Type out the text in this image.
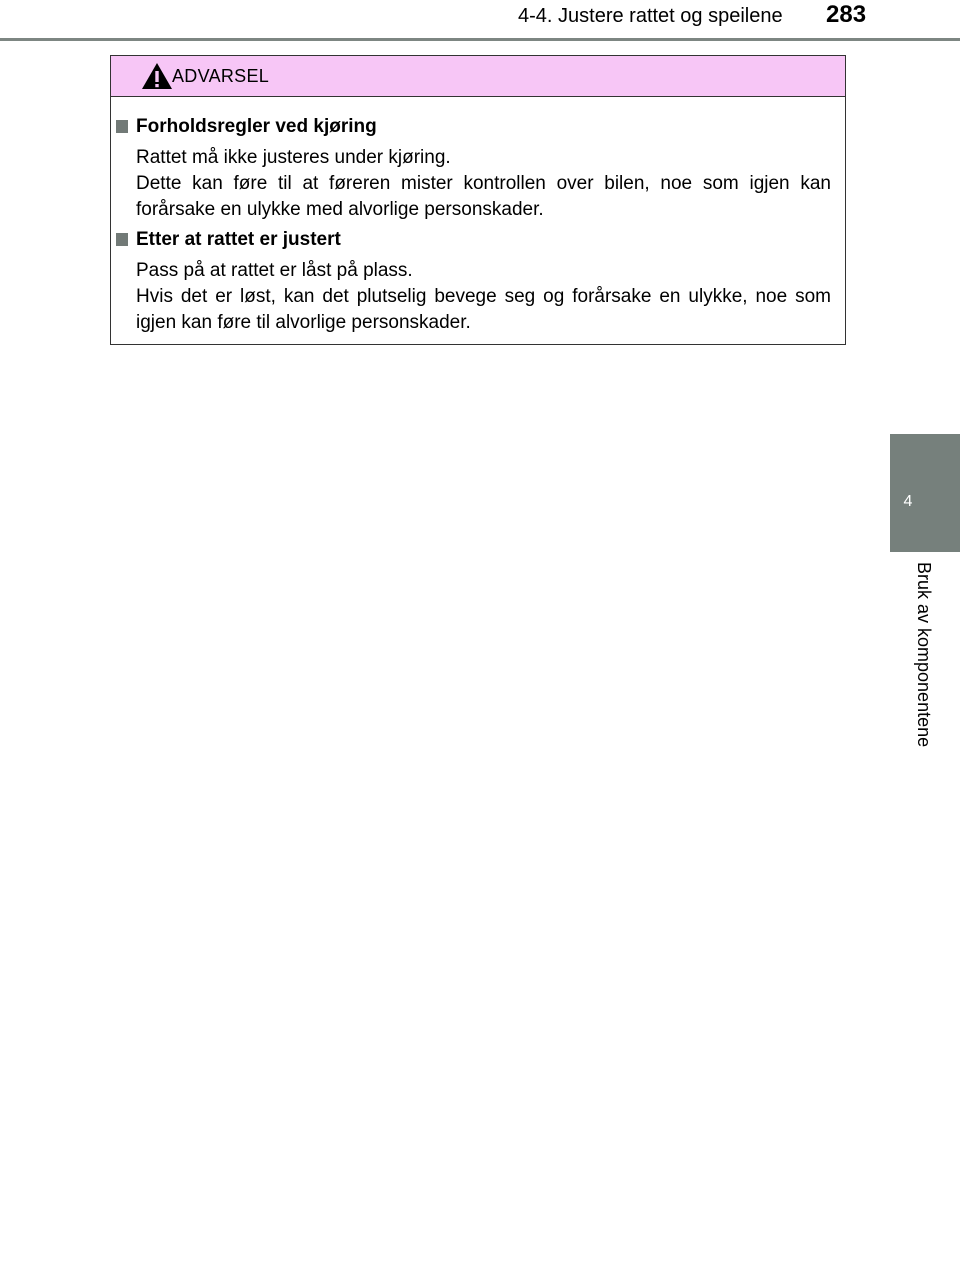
4-4. Justere rattet og speilene 283
4
Bruk av komponentene
ADVARSEL
Forholdsregler ved kjøring

Rattet må ikke justeres under kjøring.

Dette kan føre til at føreren mister kontrollen over bilen, noe som igjen kan forårsake en ulykke med alvorlige personskader.

Etter at rattet er justert

Pass på at rattet er låst på plass.

Hvis det er løst, kan det plutselig bevege seg og forårsake en ulykke, noe som igjen kan føre til alvorlige personskader.
